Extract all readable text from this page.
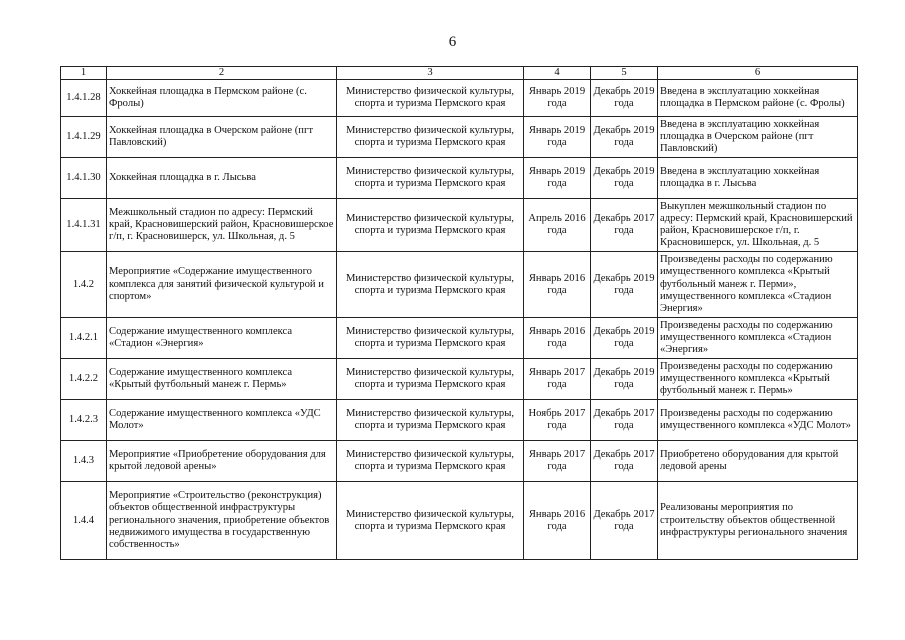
6
1	2	3	4	5	6
1.4.1.28	Хоккейная площадка в Пермском районе (с. Фролы)	Министерство физической культуры, спорта и туризма Пермского края	Январь 2019 года	Декабрь 2019 года	Введена в эксплуатацию хоккейная площадка в Пермском районе (с. Фролы)
1.4.1.29	Хоккейная площадка в Очерском районе (пгт Павловский)	Министерство физической культуры, спорта и туризма Пермского края	Январь 2019 года	Декабрь 2019 года	Введена в эксплуатацию хоккейная площадка в Очерском районе (пгт Павловский)
1.4.1.30	Хоккейная площадка в г. Лысьва	Министерство физической культуры, спорта и туризма Пермского края	Январь 2019 года	Декабрь 2019 года	Введена в эксплуатацию хоккейная площадка в г. Лысьва
1.4.1.31	Межшкольный стадион по адресу: Пермский край, Красновишерский район, Красновишерское г/п, г. Красновишерск, ул. Школьная, д. 5	Министерство физической культуры, спорта и туризма Пермского края	Апрель 2016 года	Декабрь 2017 года	Выкуплен межшкольный стадион по адресу: Пермский край, Красновишерский район, Красновишерское г/п, г. Красновишерск, ул. Школьная, д. 5
1.4.2	Мероприятие «Содержание имущественного комплекса для занятий физической культурой и спортом»	Министерство физической культуры, спорта и туризма Пермского края	Январь 2016 года	Декабрь 2019 года	Произведены расходы по содержанию имущественного комплекса «Крытый футбольный манеж г. Перми», имущественного комплекса «Стадион Энергия»
1.4.2.1	Содержание имущественного комплекса «Стадион «Энергия»	Министерство физической культуры, спорта и туризма Пермского края	Январь 2016 года	Декабрь 2019 года	Произведены расходы по содержанию имущественного комплекса «Стадион «Энергия»
1.4.2.2	Содержание имущественного комплекса «Крытый футбольный манеж г. Пермь»	Министерство физической культуры, спорта и туризма Пермского края	Январь 2017 года	Декабрь 2019 года	Произведены расходы по содержанию имущественного комплекса «Крытый футбольный манеж г. Пермь»
1.4.2.3	Содержание имущественного комплекса «УДС Молот»	Министерство физической культуры, спорта и туризма Пермского края	Ноябрь 2017 года	Декабрь 2017 года	Произведены расходы по содержанию имущественного комплекса «УДС Молот»
1.4.3	Мероприятие «Приобретение оборудования для крытой ледовой арены»	Министерство физической культуры, спорта и туризма Пермского края	Январь 2017 года	Декабрь 2017 года	Приобретено оборудования для крытой ледовой арены
1.4.4	Мероприятие «Строительство (реконструкция) объектов общественной инфраструктуры регионального значения, приобретение объектов недвижимого имущества в государственную собственность»	Министерство физической культуры, спорта и туризма Пермского края	Январь 2016 года	Декабрь 2017 года	Реализованы мероприятия по строительству объектов общественной инфраструктуры регионального значения
